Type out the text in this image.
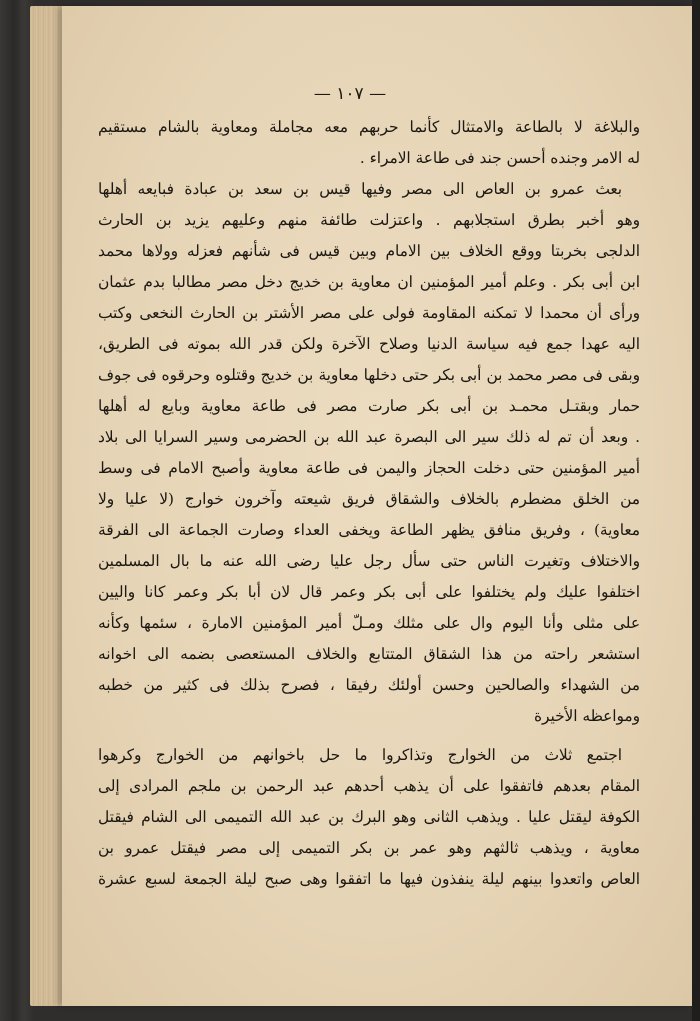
— ١٠٧ —
والبلاغة لا بالطاعة والامتثال كأنما حربهم معه مجاملة ومعاوية بالشام مستقيم
له الامر وجنده أحسن جند فى طاعة الامراء .
بعث عمرو بن العاص الى مصر وفيها قيس بن سعد بن عبادة فبايعه أهلها
وهو أخبر بطرق استجلابهم . واعتزلت طائفة منهم وعليهم يزيد بن الحارث
الدلجى بخربتا ووقع الخلاف بين الامام وبين قيس فى شأنهم فعزله وولاها محمد
ابن أبى بكر . وعلم أمير المؤمنين ان معاوية بن خديج دخل مصر مطالبا بدم عثمان
ورأى أن محمدا لا تمكنه المقاومة فولى على مصر الأشتر بن الحارث النخعى وكتب
اليه عهدا جمع فيه سياسة الدنيا وصلاح الآخرة ولكن قدر الله بموته فى الطريق،
وبقى فى مصر محمد بن أبى بكر حتى دخلها معاوية بن خديج وقتلوه وحرقوه فى جوف
حمار وبقتـل محمـد بن أبى بكر صارت مصر فى طاعة معاوية وبايع له أهلها
. وبعد أن تم له ذلك سير الى البصرة عبد الله بن الحضرمى وسير السرايا الى بلاد
أمير المؤمنين حتى دخلت الحجاز واليمن فى طاعة معاوية وأصبح الامام فى وسط
من الخلق مضطرم بالخلاف والشقاق فريق شيعته وآخرون خوارج (لا عليا ولا
معاوية) ، وفريق منافق يظهر الطاعة ويخفى العداء وصارت الجماعة الى الفرقة
والاختلاف وتغيرت الناس حتى سأل رجل عليا رضى الله عنه ما بال المسلمين
اختلفوا عليك ولم يختلفوا على أبى بكر وعمر قال لان أبا بكر وعمر كانا واليين
على مثلى وأنا اليوم وال على مثلك ومـلّ أمير المؤمنين الامارة ، سئمها وكأنه
استشعر راحته من هذا الشقاق المتتابع والخلاف المستعصى بضمه الى اخوانه
من الشهداء والصالحين وحسن أولئك رفيقا ، فصرح بذلك فى كثير من خطبه
ومواعظه الأخيرة
اجتمع ثلاث من الخوارج وتذاكروا ما حل باخوانهم من الخوارج وكرهوا
المقام بعدهم فاتفقوا على أن يذهب أحدهم عبد الرحمن بن ملجم المرادى إلى
الكوفة ليقتل عليا . ويذهب الثانى وهو البرك بن عبد الله التميمى الى الشام فيقتل
معاوية ، ويذهب ثالثهم وهو عمر بن بكر التميمى إلى مصر فيقتل عمرو بن
العاص واتعدوا بينهم ليلة ينفذون فيها ما اتفقوا وهى صبح ليلة الجمعة لسبع عشرة
